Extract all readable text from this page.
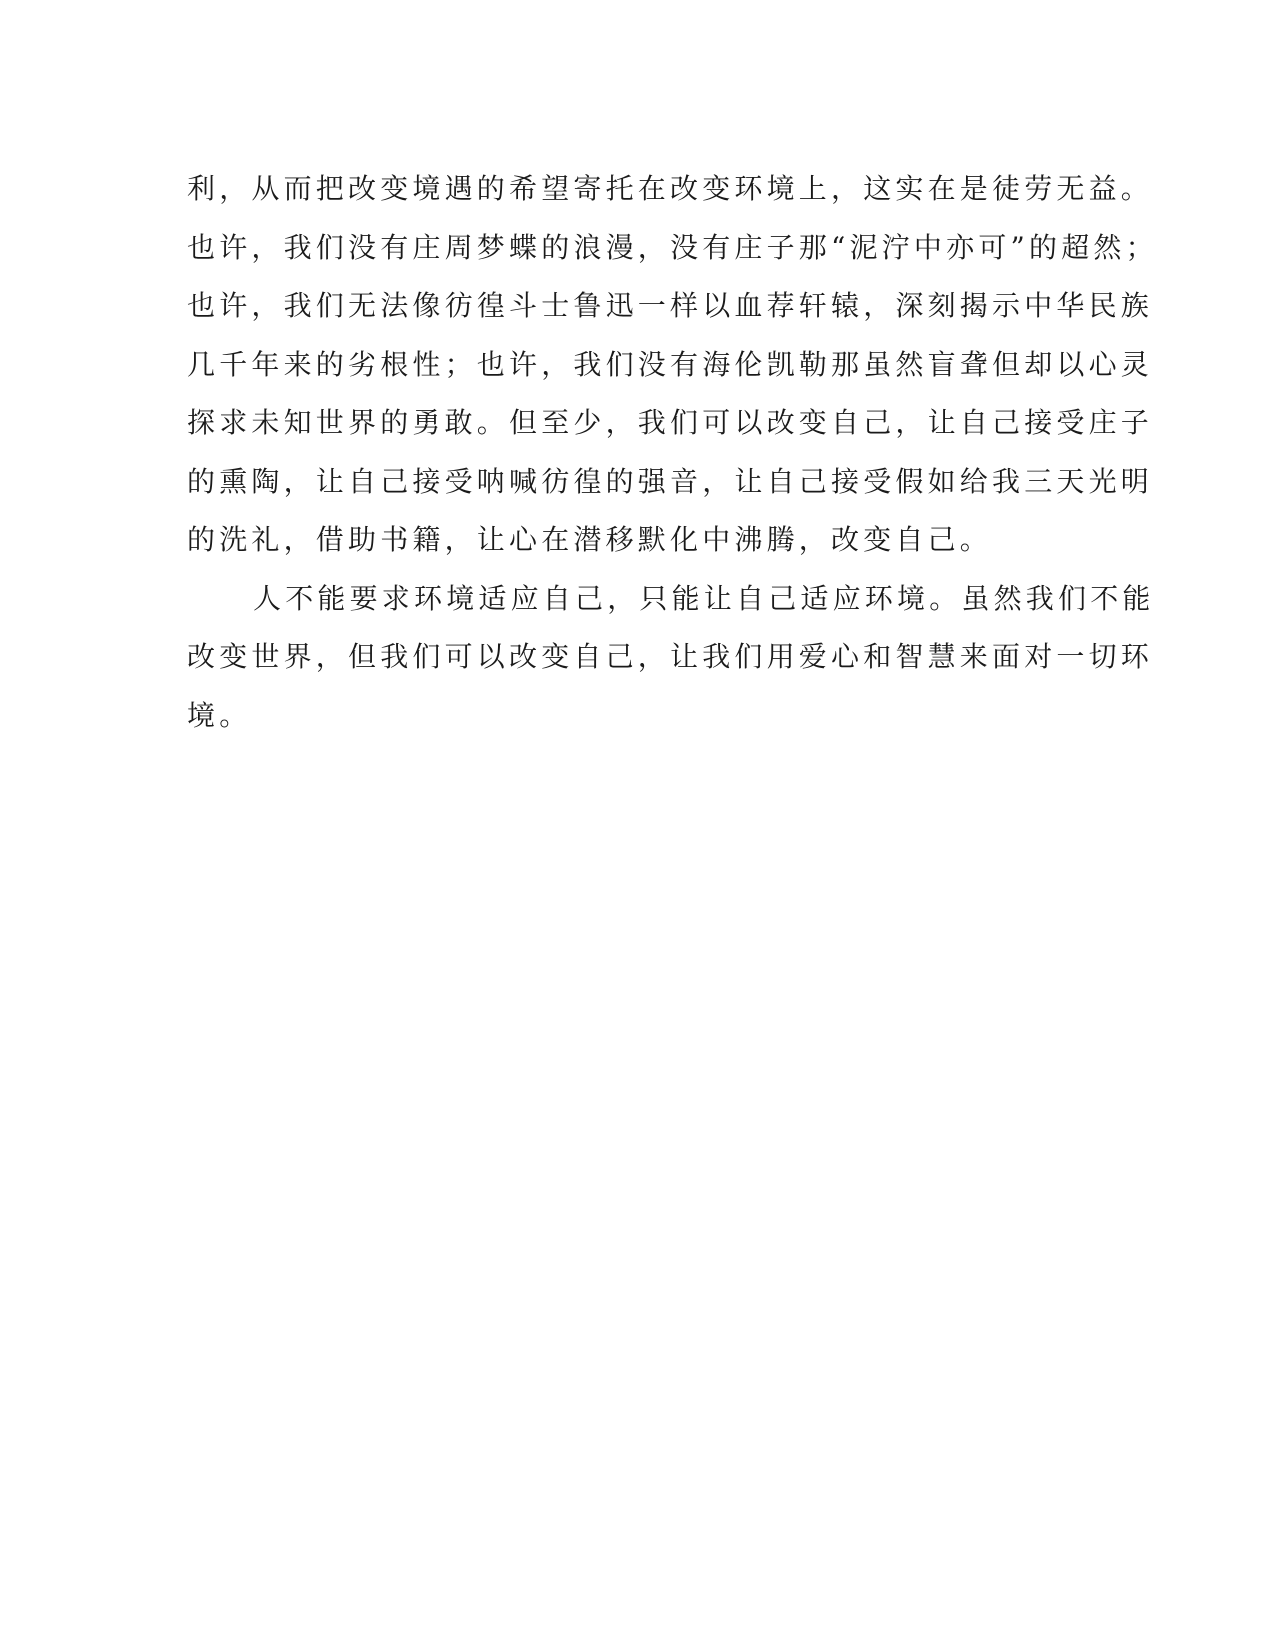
利，从而把改变境遇的希望寄托在改变环境上，这实在是徒劳无益。
也许，我们没有庄周梦蝶的浪漫，没有庄子那“泥泞中亦可”的超然；
也许，我们无法像彷徨斗士鲁迅一样以血荐轩辕，深刻揭示中华民族
几千年来的劣根性；也许，我们没有海伦凯勒那虽然盲聋但却以心灵
探求未知世界的勇敢。但至少，我们可以改变自己，让自己接受庄子
的熏陶，让自己接受呐喊彷徨的强音，让自己接受假如给我三天光明
的洗礼，借助书籍，让心在潜移默化中沸腾，改变自己。
人不能要求环境适应自己，只能让自己适应环境。虽然我们不能
改变世界，但我们可以改变自己，让我们用爱心和智慧来面对一切环
境。
